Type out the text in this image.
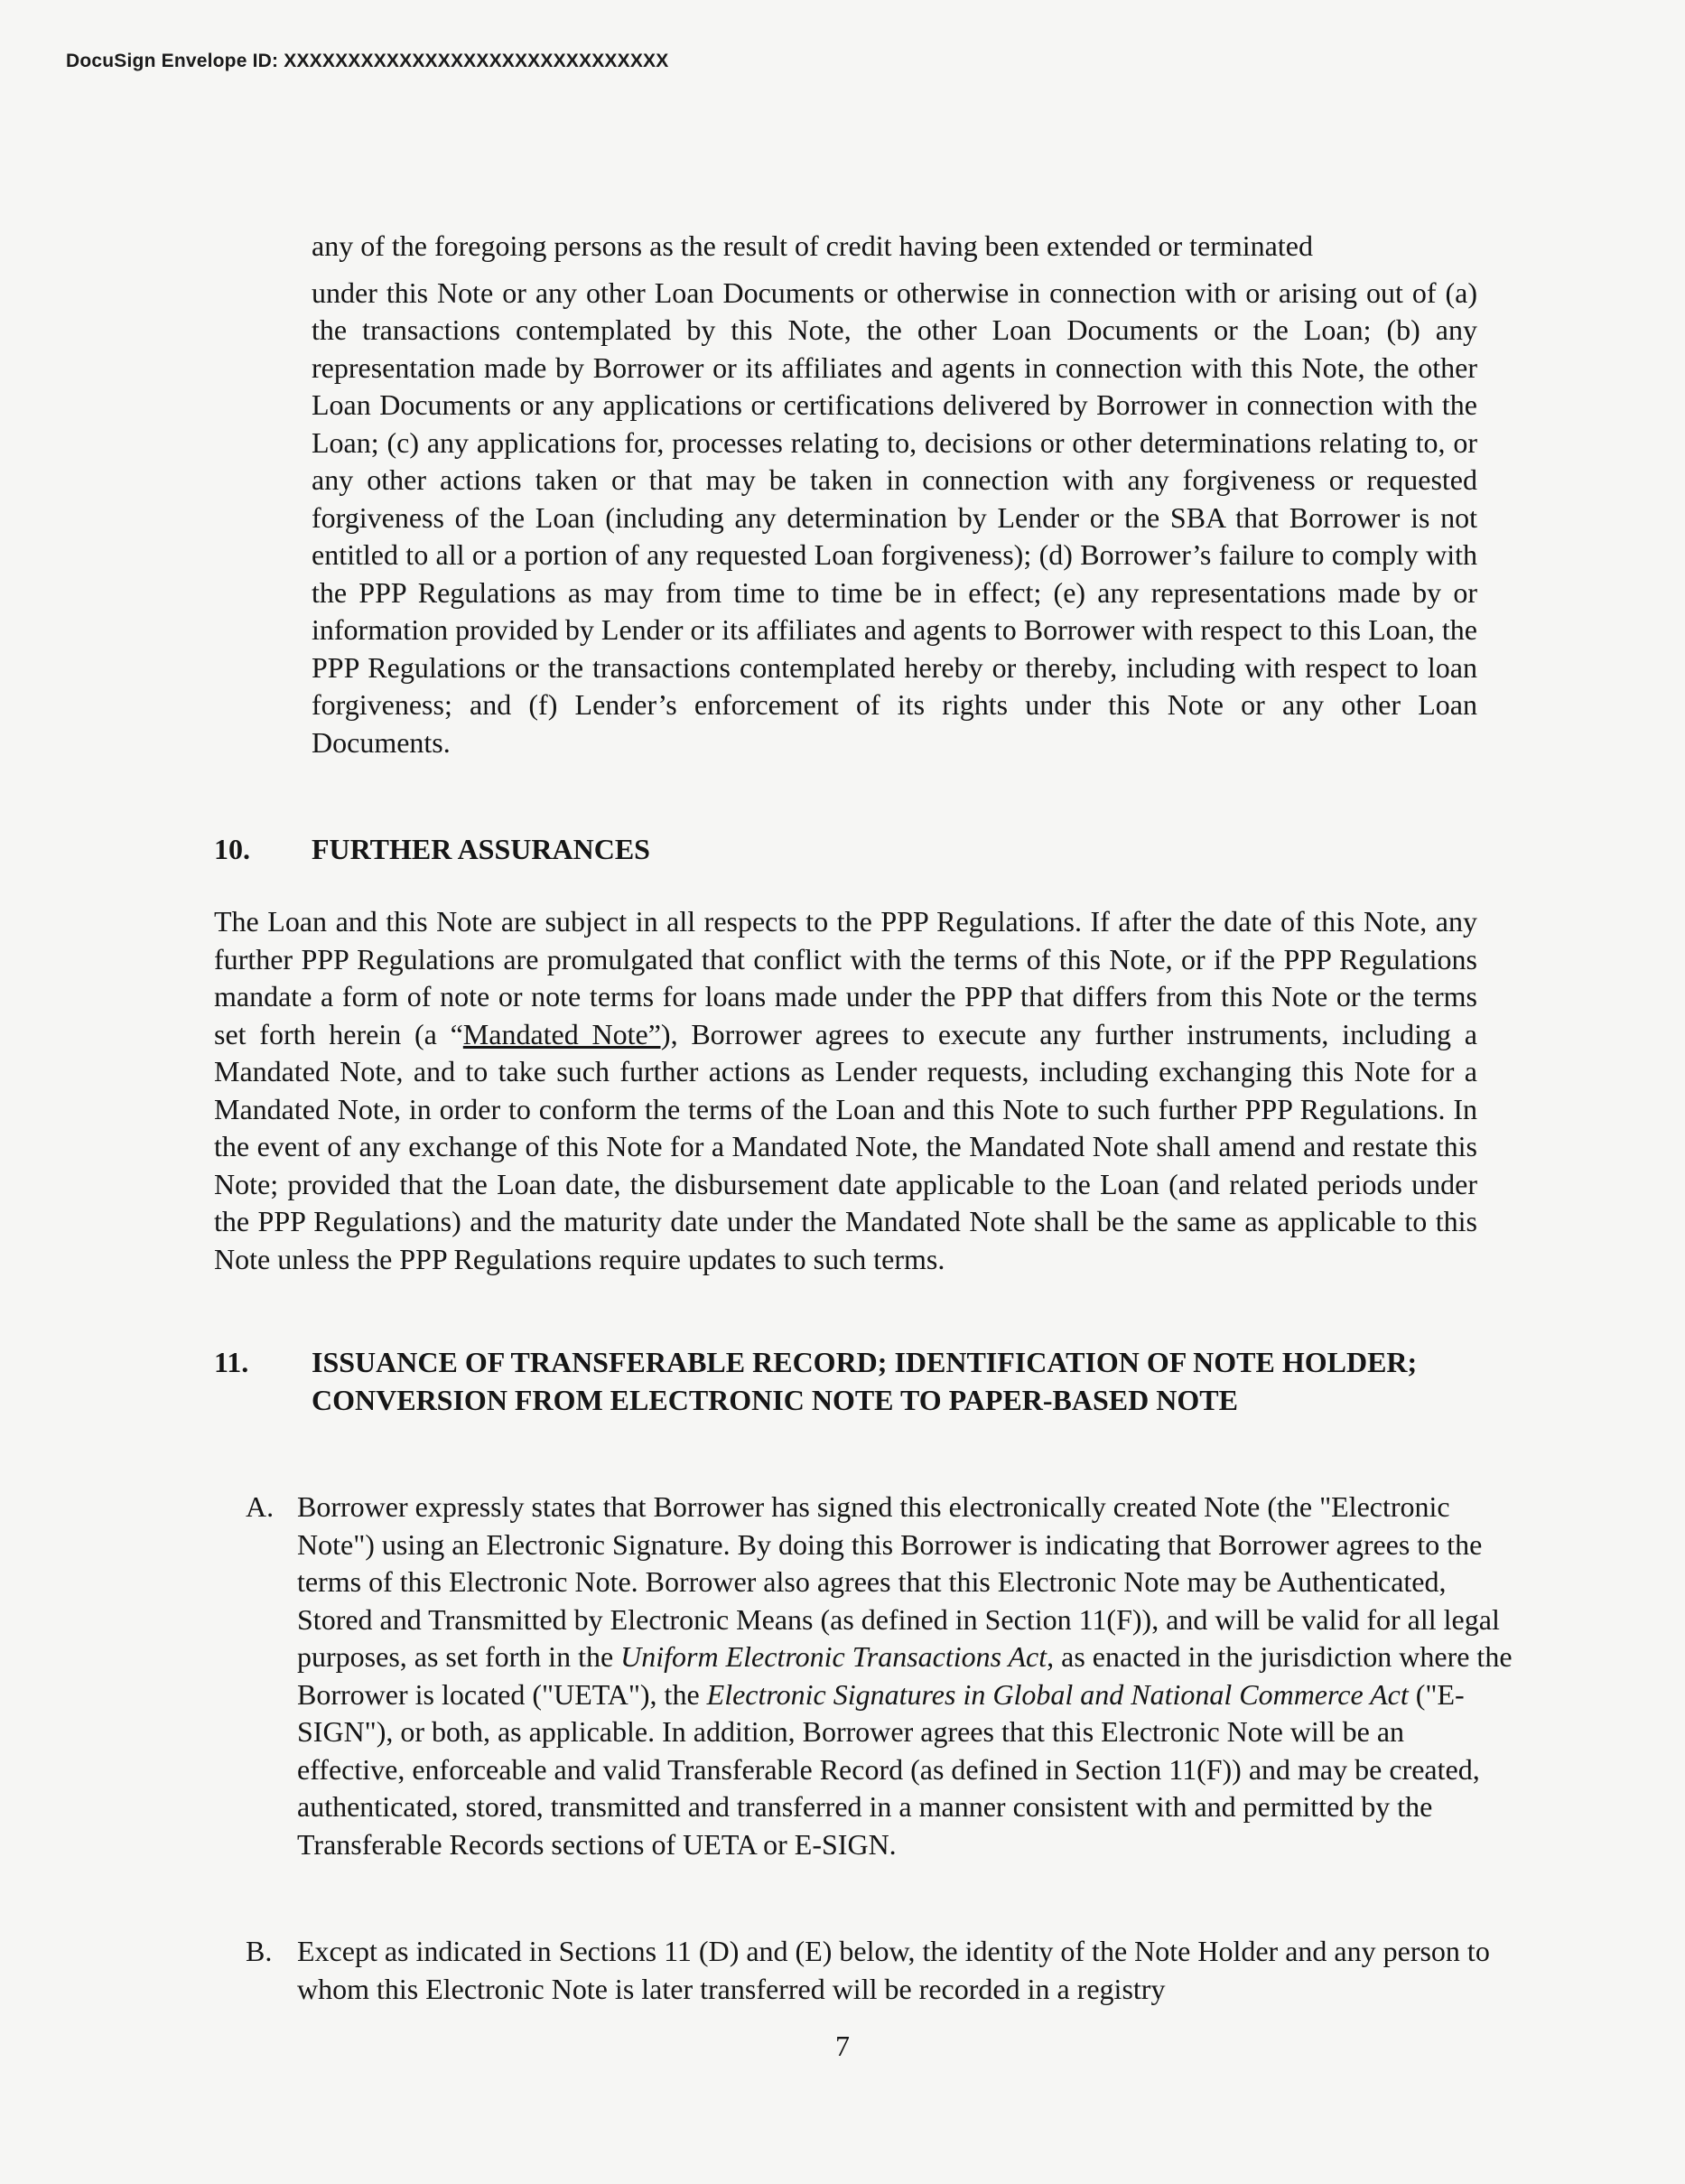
DocuSign Envelope ID: XXXXXXXXXXXXXXXXXXXXXXXXXXXXXX

any of the foregoing persons as the result of credit having been extended or terminated

under this Note or any other Loan Documents or otherwise in connection with or arising out of (a) the transactions contemplated by this Note, the other Loan Documents or the Loan; (b) any representation made by Borrower or its affiliates and agents in connection with this Note, the other Loan Documents or any applications or certifications delivered by Borrower in connection with the Loan; (c) any applications for, processes relating to, decisions or other determinations relating to, or any other actions taken or that may be taken in connection with any forgiveness or requested forgiveness of the Loan (including any determination by Lender or the SBA that Borrower is not entitled to all or a portion of any requested Loan forgiveness); (d) Borrower’s failure to comply with the PPP Regulations as may from time to time be in effect; (e) any representations made by or information provided by Lender or its affiliates and agents to Borrower with respect to this Loan, the PPP Regulations or the transactions contemplated hereby or thereby, including with respect to loan forgiveness; and (f) Lender’s enforcement of its rights under this Note or any other Loan Documents.

10. FURTHER ASSURANCES

The Loan and this Note are subject in all respects to the PPP Regulations. If after the date of this Note, any further PPP Regulations are promulgated that conflict with the terms of this Note, or if the PPP Regulations mandate a form of note or note terms for loans made under the PPP that differs from this Note or the terms set forth herein (a “Mandated Note”), Borrower agrees to execute any further instruments, including a Mandated Note, and to take such further actions as Lender requests, including exchanging this Note for a Mandated Note, in order to conform the terms of the Loan and this Note to such further PPP Regulations. In the event of any exchange of this Note for a Mandated Note, the Mandated Note shall amend and restate this Note; provided that the Loan date, the disbursement date applicable to the Loan (and related periods under the PPP Regulations) and the maturity date under the Mandated Note shall be the same as applicable to this Note unless the PPP Regulations require updates to such terms.

11. ISSUANCE OF TRANSFERABLE RECORD; IDENTIFICATION OF NOTE HOLDER; CONVERSION FROM ELECTRONIC NOTE TO PAPER-BASED NOTE
A. Borrower expressly states that Borrower has signed this electronically created Note (the "Electronic Note") using an Electronic Signature. By doing this Borrower is indicating that Borrower agrees to the terms of this Electronic Note. Borrower also agrees that this Electronic Note may be Authenticated, Stored and Transmitted by Electronic Means (as defined in Section 11(F)), and will be valid for all legal purposes, as set forth in the Uniform Electronic Transactions Act, as enacted in the jurisdiction where the Borrower is located ("UETA"), the Electronic Signatures in Global and National Commerce Act ("E-SIGN"), or both, as applicable. In addition, Borrower agrees that this Electronic Note will be an effective, enforceable and valid Transferable Record (as defined in Section 11(F)) and may be created, authenticated, stored, transmitted and transferred in a manner consistent with and permitted by the Transferable Records sections of UETA or E-SIGN.

B. Except as indicated in Sections 11 (D) and (E) below, the identity of the Note Holder and any person to whom this Electronic Note is later transferred will be recorded in a registry

7
